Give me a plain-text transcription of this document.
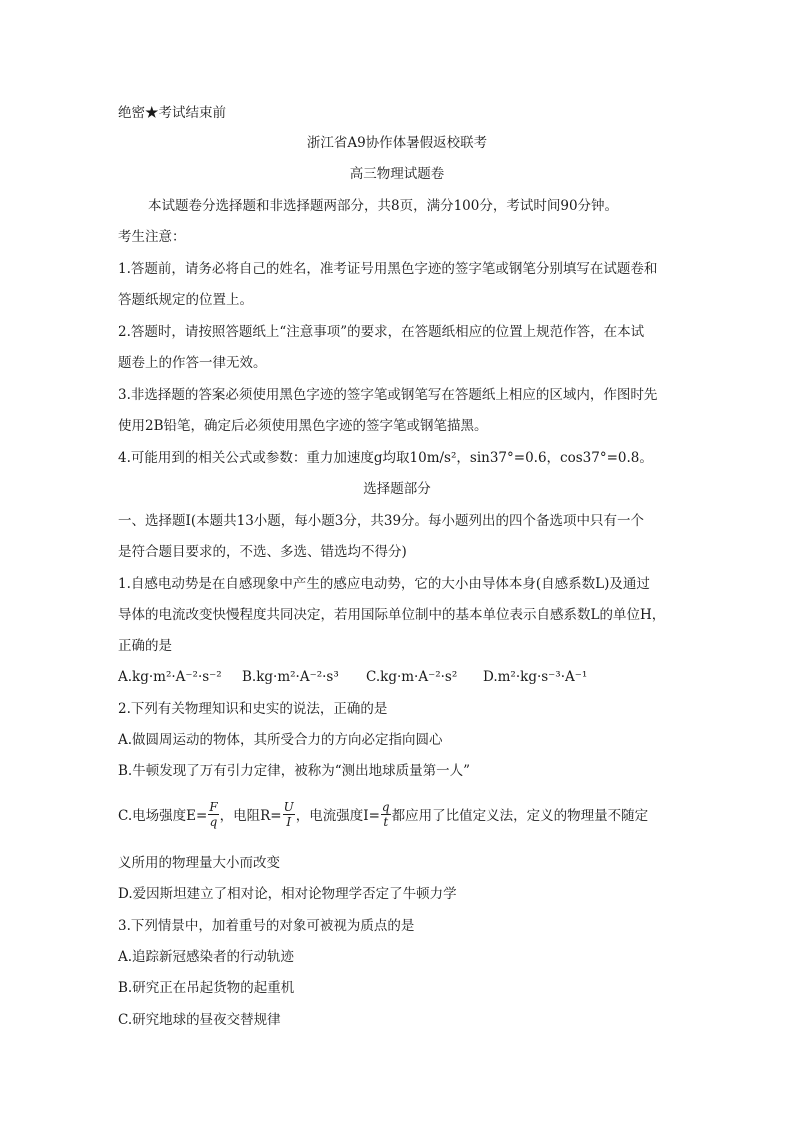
绝密★考试结束前
浙江省A9协作体暑假返校联考
高三物理试题卷
本试题卷分选择题和非选择题两部分，共8页，满分100分，考试时间90分钟。
考生注意：
1.答题前，请务必将自己的姓名，准考证号用黑色字迹的签字笔或钢笔分别填写在试题卷和
答题纸规定的位置上。
2.答题时，请按照答题纸上“注意事项”的要求，在答题纸相应的位置上规范作答，在本试
题卷上的作答一律无效。
3.非选择题的答案必须使用黑色字迹的签字笔或钢笔写在答题纸上相应的区域内，作图时先
使用2B铅笔，确定后必须使用黑色字迹的签字笔或钢笔描黑。
4.可能用到的相关公式或参数：重力加速度g均取10m/s²，sin37°=0.6，cos37°=0.8。
选择题部分
一、选择题Ⅰ(本题共13小题，每小题3分，共39分。每小题列出的四个备选项中只有一个
是符合题目要求的，不选、多选、错选均不得分)
1.自感电动势是在自感现象中产生的感应电动势，它的大小由导体本身(自感系数L)及通过
导体的电流改变快慢程度共同决定，若用国际单位制中的基本单位表示自感系数L的单位H，
正确的是
A.kg·m²·A⁻²·s⁻² B.kg·m²·A⁻²·s³ C.kg·m·A⁻²·s² D.m²·kg·s⁻³·A⁻¹
2.下列有关物理知识和史实的说法，正确的是
A.做圆周运动的物体，其所受合力的方向必定指向圆心
B.牛顿发现了万有引力定律，被称为“测出地球质量第一人”
C.电场强度$E= \frac{F}{q}$ ，电阻$R= \frac{U}{I}$ ，电流强度$I= \frac{q}{t}$ 都应用了比值定义法，定义的物理量不随定
义所用的物理量大小而改变
D.爱因斯坦建立了相对论，相对论物理学否定了牛顿力学
3.下列情景中，加着重号的对象可被视为质点的是
A.追踪新冠感染者的行动轨迹
B.研究正在吊起货物的起重机
C.研究地球的昼夜交替规律
